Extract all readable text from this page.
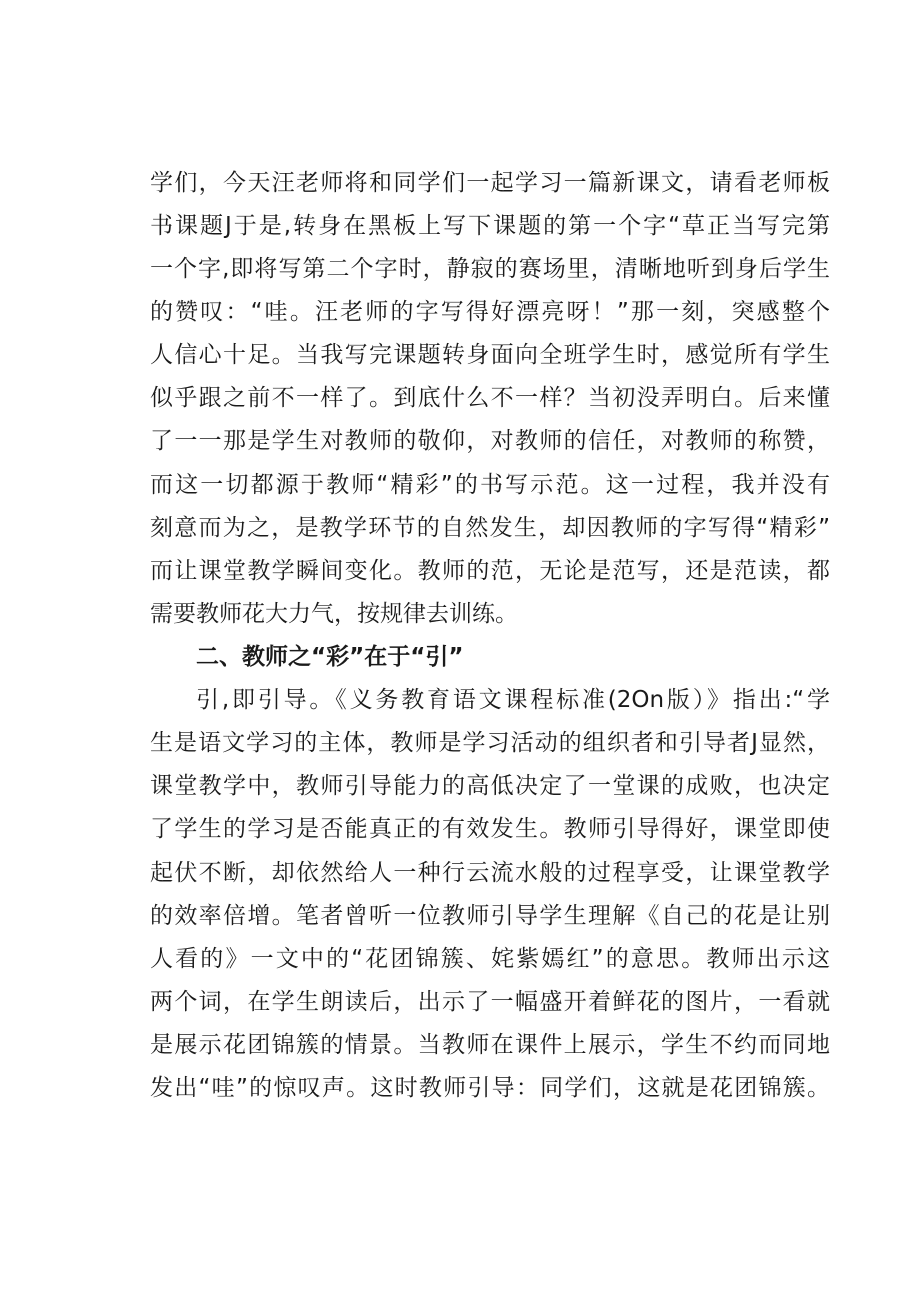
学们，今天汪老师将和同学们一起学习一篇新课文，请看老师板
书课题J于是,转身在黑板上写下课题的第一个字“草正当写完第
一个字,即将写第二个字时，静寂的赛场里，清晰地听到身后学生
的赞叹：“哇。汪老师的字写得好漂亮呀！”那一刻，突感整个
人信心十足。当我写完课题转身面向全班学生时，感觉所有学生
似乎跟之前不一样了。到底什么不一样？当初没弄明白。后来懂
了一一那是学生对教师的敬仰，对教师的信任，对教师的称赞，
而这一切都源于教师“精彩”的书写示范。这一过程，我并没有
刻意而为之，是教学环节的自然发生，却因教师的字写得“精彩”
而让课堂教学瞬间变化。教师的范，无论是范写，还是范读，都
需要教师花大力气，按规律去训练。
二、教师之“彩”在于“引”
引,即引导。《义务教育语文课程标准(2On版）》指出:“学
生是语文学习的主体，教师是学习活动的组织者和引导者J显然，
课堂教学中，教师引导能力的高低决定了一堂课的成败，也决定
了学生的学习是否能真正的有效发生。教师引导得好，课堂即使
起伏不断，却依然给人一种行云流水般的过程享受，让课堂教学
的效率倍增。笔者曾听一位教师引导学生理解《自己的花是让别
人看的》一文中的“花团锦簇、姹紫嫣红”的意思。教师出示这
两个词，在学生朗读后，出示了一幅盛开着鲜花的图片，一看就
是展示花团锦簇的情景。当教师在课件上展示，学生不约而同地
发出“哇”的惊叹声。这时教师引导：同学们，这就是花团锦簇。
